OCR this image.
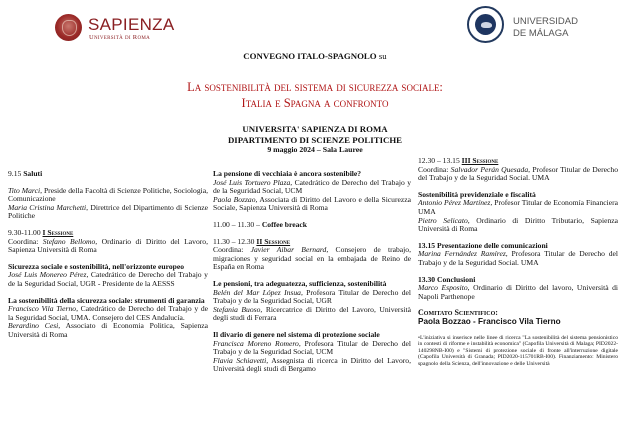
SAPIENZA
Università di Roma
UNIVERSIDAD
DE MÁLAGA
CONVEGNO ITALO-SPAGNOLO su
La sostenibilità del sistema di sicurezza sociale:
Italia e Spagna a confronto
UNIVERSITA' SAPIENZA DI ROMA
DIPARTIMENTO DI SCIENZE POLITICHE
9 maggio 2024 – Sala Lauree
9.15 Saluti
Tito Marci, Preside della Facoltà di Scienze Politiche, Sociologia, Comunicazione
Maria Cristina Marchetti, Direttrice del Dipartimento di Scienze Politiche
9.30-11.00 I Sessione
Coordina: Stefano Bellomo, Ordinario di Diritto del Lavoro, Sapienza Università di Roma
Sicurezza sociale e sostenibilità, nell'orizzonte europeo
José Luis Monereo Pérez, Catedrático de Derecho del Trabajo y de la Seguridad Social, UGR - Presidente de la AESSS
La sostenibilità della sicurezza sociale: strumenti di garanzia
Francisco Vila Tierno, Catedrático de Derecho del Trabajo y de la Seguridad Social, UMA. Consejero del CES Andalucía.
Berardino Cesi, Associato di Economia Politica, Sapienza Università di Roma
La pensione di vecchiaia è ancora sostenibile?
José Luis Tortuero Plaza, Catedrático de Derecho del Trabajo y de la Seguridad Social, UCM
Paola Bozzao, Associata di Diritto del Lavoro e della Sicurezza Sociale, Sapienza Università di Roma
11.00 – 11.30 – Coffee breack
11.30 – 12.30 II Sessione
Coordina: Javier Aibar Bernard, Consejero de trabajo, migraciones y seguridad social en la embajada de Reino de España en Roma
Le pensioni, tra adeguatezza, sufficienza, sostenibilità
Belén del Mar López Insua, Profesora Titular de Derecho del Trabajo y de la Seguridad Social, UGR
Stefania Buoso, Ricercatrice di Diritto del Lavoro, Università degli studi di Ferrara
Il divario di genere nel sistema di protezione sociale
Francisca Moreno Romero, Profesora Titular de Derecho del Trabajo y de la Seguridad Social, UCM
Flavia Schiavetti, Assegnista di ricerca in Diritto del Lavoro, Università degli studi di Bergamo
12.30 – 13.15 III Sessione
Coordina: Salvador Perán Quesada, Profesor Titular de Derecho del Trabajo y de la Seguridad Social. UMA
Sostenibilità previdenziale e fiscalità
Antonio Pérez Martínez, Profesor Titular de Economía Financiera UMA
Pietro Selicato, Ordinario di Diritto Tributario, Sapienza Università di Roma
13.15 Presentazione delle comunicazioni
Marina Fernández Ramírez, Profesora Titular de Derecho del Trabajo y de la Seguridad Social. UMA
13.30 Conclusioni
Marco Esposito, Ordinario di Diritto del lavoro, Università di Napoli Parthenope
Comitato Scientifico:
Paola Bozzao - Francisco Vila Tierno
•L'iniziativa si inserisce nelle linee di ricerca "La sostenibilità del sistema pensionistico in contesti di riforme e instabilità economica" (Capofila Università di Malaga; PID2022-140298NB-I00) e "Sistemi di protezione sociale di fronte all'interruzione digitale (Capofila Università di Granada; PID2020-115701RB-I00). Finanziamento: Ministero spagnolo della Scienza, dell'innovazione e delle Università
